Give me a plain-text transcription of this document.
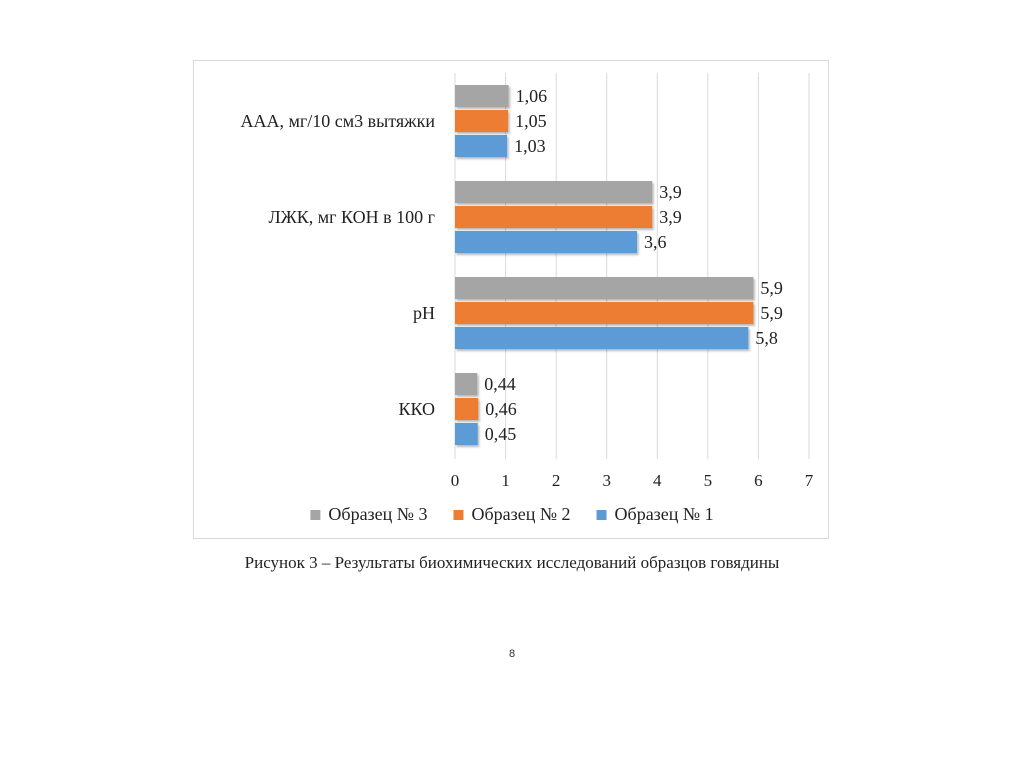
0 1 2 3 4 5 6 7
ААА, мг/10 см3 вытяжки
1,06
1,05
1,03
ЛЖК, мг КОН в 100 г
3,9
3,9
3,6
pH
5,9
5,9
5,8
ККО
0,44
0,46
0,45
Образец № 3 Образец № 2 Образец № 1
Рисунок 3 – Результаты биохимических исследований образцов говядины
8
